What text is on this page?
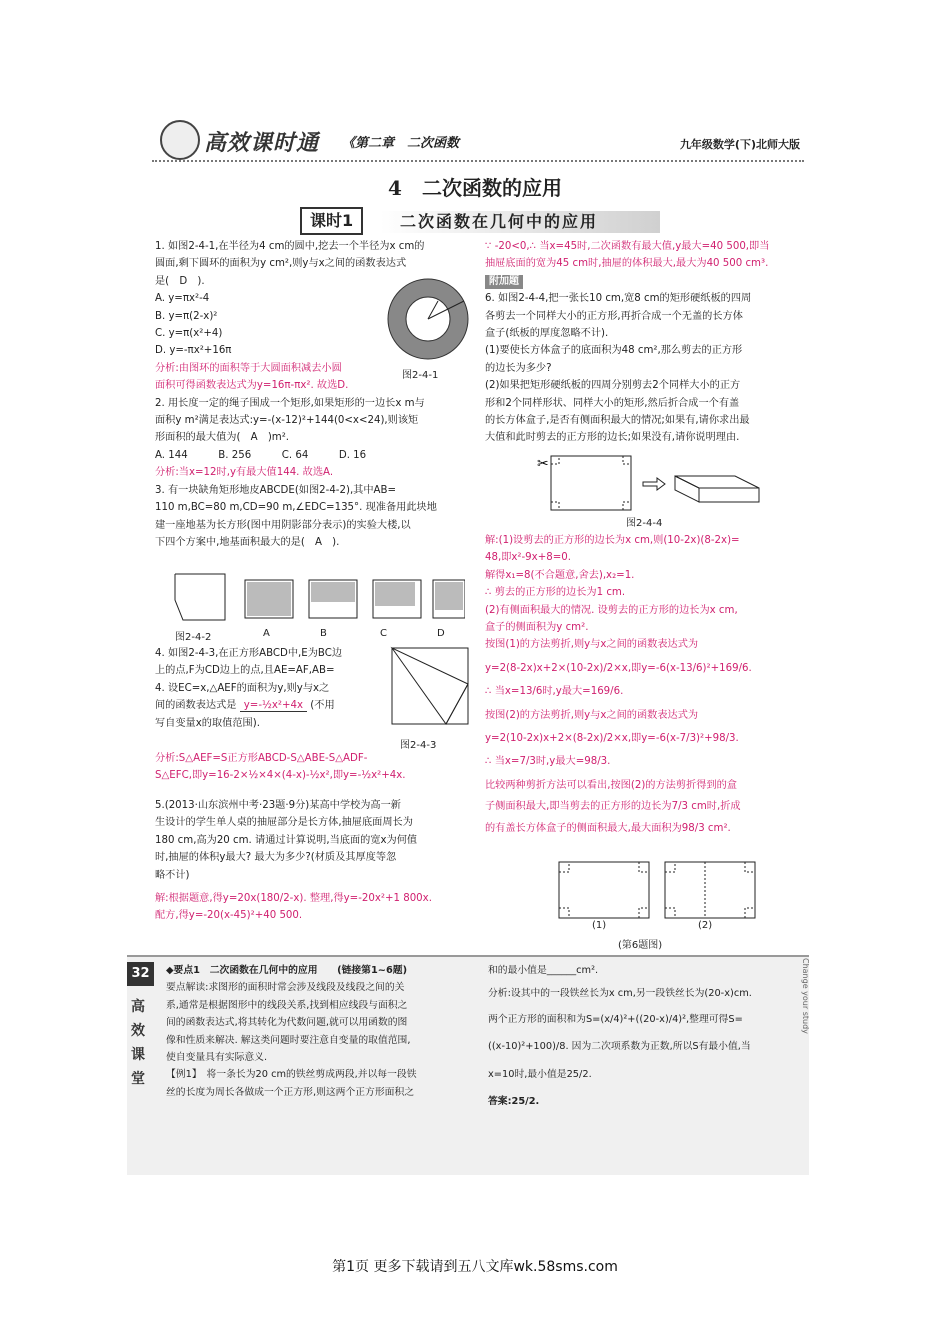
高效课时通 《第二章　二次函数	九年级数学(下)北师大版
4　二次函数的应用
课时1	二次函数在几何中的应用

1. 如图2-4-1,在半径为4 cm的圆中,挖去一个半径为x cm的

圆面,剩下圆环的面积为y cm²,则y与x之间的函数表达式

是(　D　).

A. y=πx²-4

B. y=π(2-x)²

C. y=π(x²+4)

D. y=-πx²+16π

分析:由图环的面积等于大圆面积减去小圆

面积可得函数表达式为y=16π-πx². 故选D.

2. 用长度一定的绳子围成一个矩形,如果矩形的一边长x m与

面积y m²满足表达式:y=-(x-12)²+144(0<x<24),则该矩

形面积的最大值为(　A　)m².

A. 144　　　B. 256　　　C. 64　　　D. 16

分析:当x=12时,y有最大值144. 故选A.

3. 有一块缺角矩形地皮ABCDE(如图2-4-2),其中AB=

110 m,BC=80 m,CD=90 m,∠EDC=135°. 现准备用此块地

建一座地基为长方形(图中用阴影部分表示)的实验大楼,以

下四个方案中,地基面积最大的是(　A　).

图2-4-1
图2-4-2	A	B	C	D

4. 如图2-4-3,在正方形ABCD中,E为BC边

上的点,F为CD边上的点,且AE=AF,AB=

4. 设EC=x,△AEF的面积为y,则y与x之

间的函数表达式是 y=-½x²+4x (不用

写自变量x的取值范围).

分析:S△AEF=S正方形ABCD-S△ABE-S△ADF-

S△EFC,即y=16-2×½×4×(4-x)-½x²,即y=-½x²+4x.

图2-4-3

5.(2013·山东滨州中考·23题·9分)某高中学校为高一新

生设计的学生单人桌的抽屉部分是长方体,抽屉底面周长为

180 cm,高为20 cm. 请通过计算说明,当底面的宽x为何值

时,抽屉的体积y最大? 最大为多少?(材质及其厚度等忽

略不计)

解:根据题意,得y=20x(180/2-x). 整理,得y=-20x²+1 800x.

配方,得y=-20(x-45)²+40 500.

∵ -20<0,∴ 当x=45时,二次函数有最大值,y最大=40 500,即当

抽屉底面的宽为45 cm时,抽屉的体积最大,最大为40 500 cm³.

附加题

6. 如图2-4-4,把一张长10 cm,宽8 cm的矩形硬纸板的四周

各剪去一个同样大小的正方形,再折合成一个无盖的长方体

盒子(纸板的厚度忽略不计).

(1)要使长方体盒子的底面积为48 cm²,那么剪去的正方形

的边长为多少?

(2)如果把矩形硬纸板的四周分别剪去2个同样大小的正方

形和2个同样形状、同样大小的矩形,然后折合成一个有盖

的长方体盒子,是否有侧面积最大的情况;如果有,请你求出最

大值和此时剪去的正方形的边长;如果没有,请你说明理由.

✂
图2-4-4

解:(1)设剪去的正方形的边长为x cm,则(10-2x)(8-2x)=

48,即x²-9x+8=0.

解得x₁=8(不合题意,舍去),x₂=1.

∴ 剪去的正方形的边长为1 cm.

(2)有侧面积最大的情况. 设剪去的正方形的边长为x cm,

盒子的侧面积为y cm².

按图(1)的方法剪折,则y与x之间的函数表达式为

y=2(8-2x)x+2×(10-2x)/2×x,即y=-6(x-13/6)²+169/6.

∴ 当x=13/6时,y最大=169/6.

按图(2)的方法剪折,则y与x之间的函数表达式为

y=2(10-2x)x+2×(8-2x)/2×x,即y=-6(x-7/3)²+98/3.

∴ 当x=7/3时,y最大=98/3.

比较两种剪折方法可以看出,按图(2)的方法剪折得到的盒

子侧面积最大,即当剪去的正方形的边长为7/3 cm时,折成

的有盖长方体盒子的侧面积最大,最大面积为98/3 cm².

(1)	(2)
(第6题图)
32
高
效
课
堂

◆要点1　二次函数在几何中的应用　　(链接第1~6题)

要点解读:求图形的面积时常会涉及线段及线段之间的关

系,通常是根据图形中的线段关系,找到相应线段与面积之

间的函数表达式,将其转化为代数问题,就可以用函数的图

像和性质来解决. 解这类问题时要注意自变量的取值范围,

使自变量具有实际意义.

【例1】　将一条长为20 cm的铁丝剪成两段,并以每一段铁

丝的长度为周长各做成一个正方形,则这两个正方形面积之

和的最小值是______cm².

分析:设其中的一段铁丝长为x cm,另一段铁丝长为(20-x)cm.

两个正方形的面积和为S=(x/4)²+((20-x)/4)²,整理可得S=

((x-10)²+100)/8. 因为二次项系数为正数,所以S有最小值,当

x=10时,最小值是25/2.

答案:25/2.

Change your study
第1页 更多下载请到五八文库wk.58sms.com
